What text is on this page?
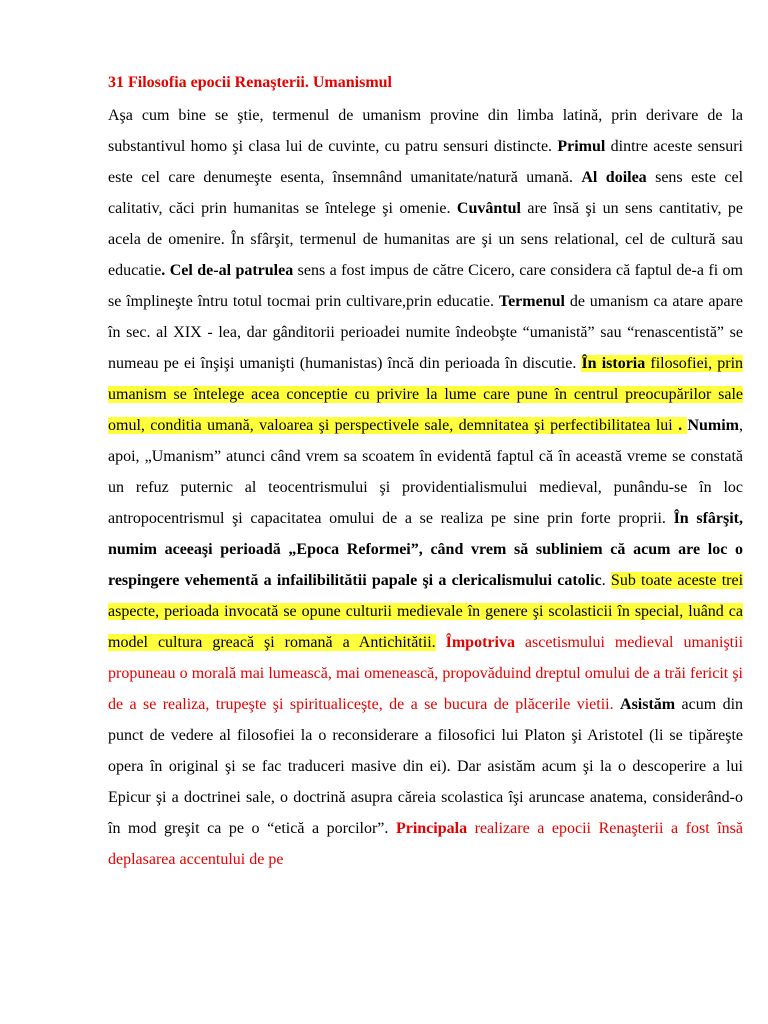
31 Filosofia epocii Renaşterii. Umanismul

Aşa cum bine se ştie, termenul de umanism provine din limba latină, prin derivare de la substantivul homo şi clasa lui de cuvinte, cu patru sensuri distincte. Primul dintre aceste sensuri este cel care denumeşte esenta, însemnând umanitate/natură umană. Al doilea sens este cel calitativ, căci prin humanitas se întelege şi omenie. Cuvântul are însă şi un sens cantitativ, pe acela de omenire. În sfârşit, termenul de humanitas are şi un sens relational, cel de cultură sau educatie. Cel de-al patrulea sens a fost impus de către Cicero, care considera că faptul de-a fi om se împlineşte întru totul tocmai prin cultivare,prin educatie. Termenul de umanism ca atare apare în sec. al XIX - lea, dar gânditorii perioadei numite îndeobşte “umanistă” sau “renascentistă” se numeau pe ei înşişi umanişti (humanistas) încă din perioada în discutie. În istoria filosofiei, prin umanism se întelege acea conceptie cu privire la lume care pune în centrul preocupărilor sale omul, conditia umană, valoarea şi perspectivele sale, demnitatea şi perfectibilitatea lui . Numim, apoi, „Umanism” atunci când vrem sa scoatem în evidentă faptul că în această vreme se constată un refuz puternic al teocentrismului şi providentialismului medieval, punându-se în loc antropocentrismul şi capacitatea omului de a se realiza pe sine prin forte proprii. În sfârşit, numim aceeaşi perioadă „Epoca Reformei”, când vrem să subliniem că acum are loc o respingere vehementă a infailibilitătii papale şi a clericalismului catolic. Sub toate aceste trei aspecte, perioada invocată se opune culturii medievale în genere şi scolasticii în special, luând ca model cultura greacă şi romană a Antichitătii. Împotriva ascetismului medieval umaniştii propuneau o morală mai lumească, mai omenească, propovăduind dreptul omului de a trăi fericit şi de a se realiza, trupeşte şi spiritualiceşte, de a se bucura de plăcerile vietii. Asistăm acum din punct de vedere al filosofiei la o reconsiderare a filosofici lui Platon şi Aristotel (li se tipăreşte opera în original şi se fac traduceri masive din ei). Dar asistăm acum şi la o descoperire a lui Epicur şi a doctrinei sale, o doctrină asupra căreia scolastica îşi aruncase anatema, considerând-o în mod greşit ca pe o “etică a porcilor”. Principala realizare a epocii Renaşterii a fost însă deplasarea accentului de pe
